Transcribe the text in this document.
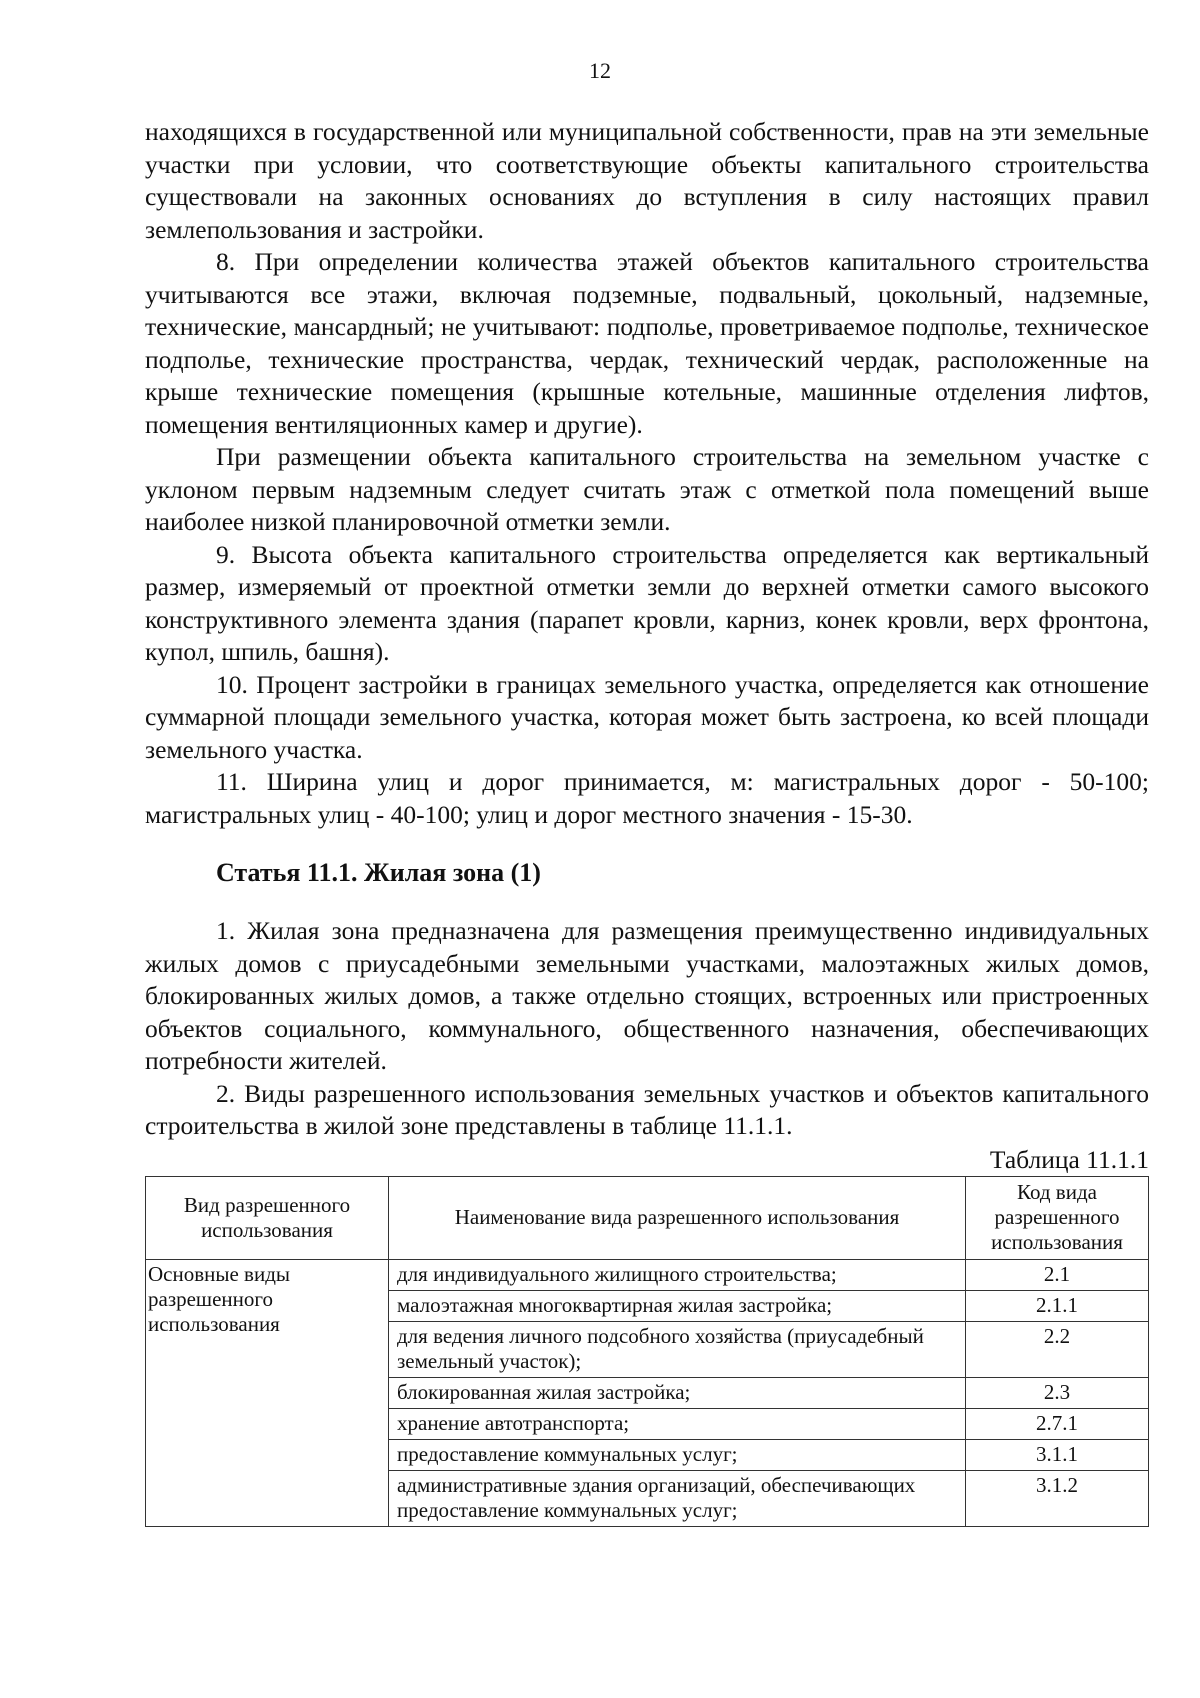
12

находящихся в государственной или муниципальной собственности, прав на эти земельные участки при условии, что соответствующие объекты капитального строительства существовали на законных основаниях до вступления в силу настоящих правил землепользования и застройки.

8. При определении количества этажей объектов капитального строительства учитываются все этажи, включая подземные, подвальный, цокольный, надземные, технические, мансардный; не учитывают: подполье, проветриваемое подполье, техническое подполье, технические пространства, чердак, технический чердак, расположенные на крыше технические помещения (крышные котельные, машинные отделения лифтов, помещения вентиляционных камер и другие).

При размещении объекта капитального строительства на земельном участке с уклоном первым надземным следует считать этаж с отметкой пола помещений выше наиболее низкой планировочной отметки земли.

9. Высота объекта капитального строительства определяется как вертикальный размер, измеряемый от проектной отметки земли до верхней отметки самого высокого конструктивного элемента здания (парапет кровли, карниз, конек кровли, верх фронтона, купол, шпиль, башня).

10. Процент застройки в границах земельного участка, определяется как отношение суммарной площади земельного участка, которая может быть застроена, ко всей площади земельного участка.

11. Ширина улиц и дорог принимается, м: магистральных дорог - 50-100; магистральных улиц - 40-100; улиц и дорог местного значения - 15-30.

Статья 11.1. Жилая зона (1)

1. Жилая зона предназначена для размещения преимущественно индивидуальных жилых домов с приусадебными земельными участками, малоэтажных жилых домов, блокированных жилых домов, а также отдельно стоящих, встроенных или пристроенных объектов социального, коммунального, общественного назначения, обеспечивающих потребности жителей.

2. Виды разрешенного использования земельных участков и объектов капитального строительства в жилой зоне представлены в таблице 11.1.1.

Таблица 11.1.1
Вид разрешенного использования	Наименование вида разрешенного использования	Код вида разрешенного использования
Основные виды разрешенного использования	для индивидуального жилищного строительства;	2.1
	малоэтажная многоквартирная жилая застройка;	2.1.1
	для ведения личного подсобного хозяйства (приусадебный земельный участок);	2.2
	блокированная жилая застройка;	2.3
	хранение автотранспорта;	2.7.1
	предоставление коммунальных услуг;	3.1.1
	административные здания организаций, обеспечивающих предоставление коммунальных услуг;	3.1.2
